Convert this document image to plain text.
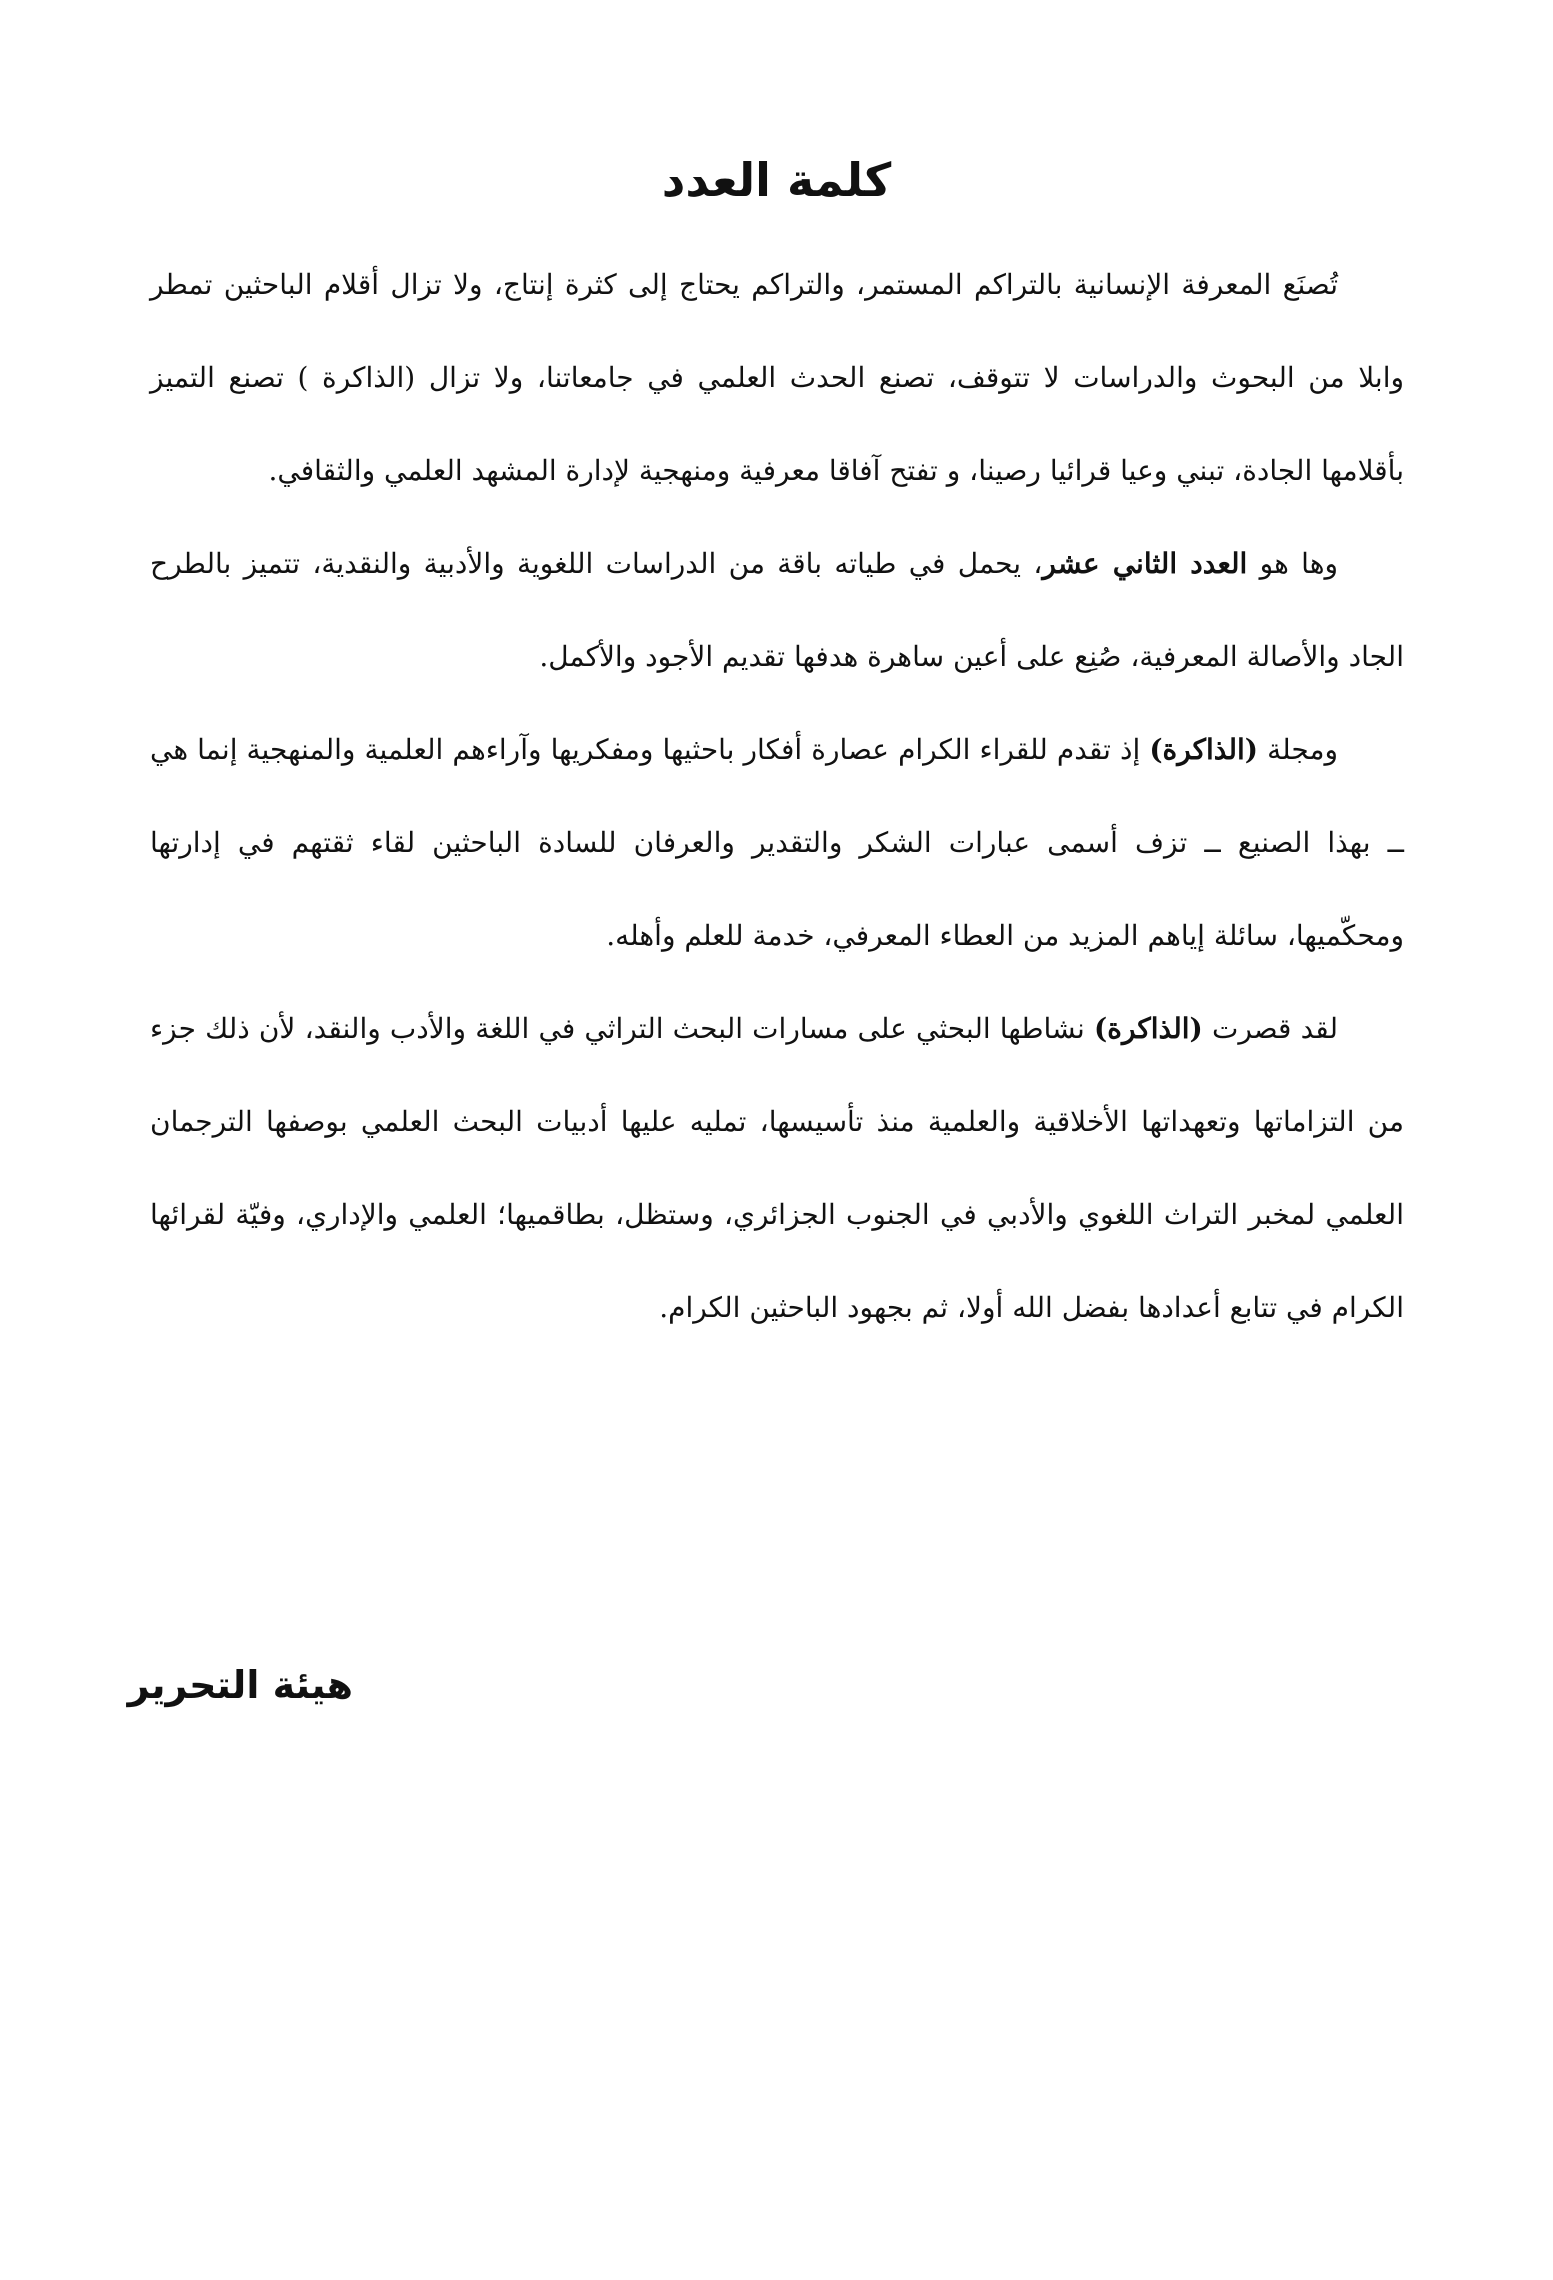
كلمة العدد

تُصنَع المعرفة الإنسانية بالتراكم المستمر، والتراكم يحتاج إلى كثرة إنتاج، ولا تزال أقلام الباحثين تمطر وابلا من البحوث والدراسات لا تتوقف، تصنع الحدث العلمي في جامعاتنا، ولا تزال (الذاكرة ) تصنع التميز بأقلامها الجادة، تبني وعيا قرائيا رصينا، و تفتح آفاقا معرفية ومنهجية لإدارة المشهد العلمي والثقافي.

وها هو العدد الثاني عشر، يحمل في طياته باقة من الدراسات اللغوية والأدبية والنقدية، تتميز بالطرح الجاد والأصالة المعرفية، صُنِع على أعين ساهرة هدفها تقديم الأجود والأكمل.

ومجلة (الذاكرة) إذ تقدم للقراء الكرام عصارة أفكار باحثيها ومفكريها وآراءهم العلمية والمنهجية إنما هي ــ بهذا الصنيع ــ تزف أسمى عبارات الشكر والتقدير والعرفان للسادة الباحثين لقاء ثقتهم في إدارتها ومحكّميها، سائلة إياهم المزيد من العطاء المعرفي، خدمة للعلم وأهله.

لقد قصرت (الذاكرة) نشاطها البحثي على مسارات البحث التراثي في اللغة والأدب والنقد، لأن ذلك جزء من التزاماتها وتعهداتها الأخلاقية والعلمية منذ تأسيسها، تمليه عليها أدبيات البحث العلمي بوصفها الترجمان العلمي لمخبر التراث اللغوي والأدبي في الجنوب الجزائري، وستظل، بطاقميها؛ العلمي والإداري، وفيّة لقرائها الكرام في تتابع أعدادها بفضل الله أولا، ثم بجهود الباحثين الكرام.

هيئة التحرير
